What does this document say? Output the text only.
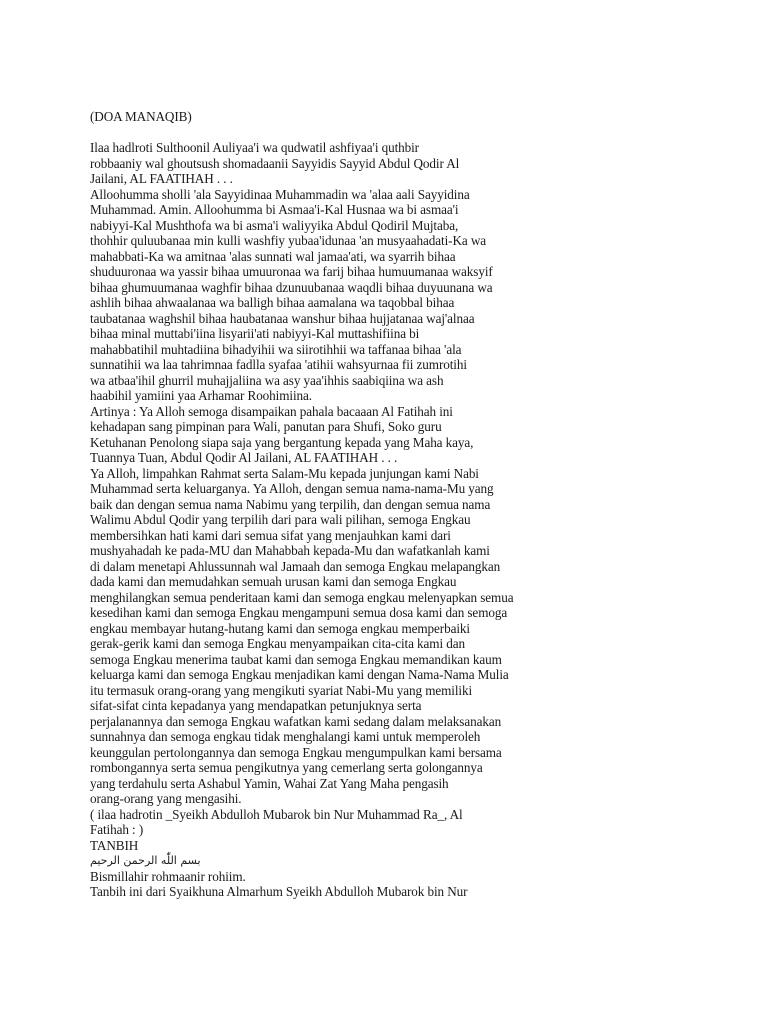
(DOA MANAQIB)
Ilaa hadlroti Sulthoonil Auliyaa'i wa qudwatil ashfiyaa'i quthbir
robbaaniy wal ghoutsush shomadaanii Sayyidis Sayyid Abdul Qodir Al
Jailani, AL FAATIHAH . . .
Alloohumma sholli 'ala Sayyidinaa Muhammadin wa 'alaa aali Sayyidina
Muhammad. Amin. Alloohumma bi Asmaa'i-Kal Husnaa wa bi asmaa'i
nabiyyi-Kal Mushthofa wa bi asma'i waliyyika Abdul Qodiril Mujtaba,
thohhir quluubanaa min kulli washfiy yubaa'idunaa 'an musyaahadati-Ka wa
mahabbati-Ka wa amitnaa 'alas sunnati wal jamaa'ati, wa syarrih bihaa
shuduuronaa wa yassir bihaa umuuronaa wa farij bihaa humuumanaa waksyif
bihaa ghumuumanaa waghfir bihaa dzunuubanaa waqdli bihaa duyuunana wa
ashlih bihaa ahwaalanaa wa balligh bihaa aamalana wa taqobbal bihaa
taubatanaa waghshil bihaa haubatanaa wanshur bihaa hujjatanaa waj'alnaa
bihaa minal muttabi'iina lisyarii'ati nabiyyi-Kal muttashifiina bi
mahabbatihil muhtadiina bihadyihii wa siirotihhii wa taffanaa bihaa 'ala
sunnatihii wa laa tahrimnaa fadlla syafaa 'atihii wahsyurnaa fii zumrotihi
wa atbaa'ihil ghurril muhajjaliina wa asy yaa'ihhis saabiqiina wa ash
haabihil yamiini yaa Arhamar Roohimiina.
Artinya : Ya Alloh semoga disampaikan pahala bacaaan Al Fatihah ini
kehadapan sang pimpinan para Wali, panutan para Shufi, Soko guru
Ketuhanan Penolong siapa saja yang bergantung kepada yang Maha kaya,
Tuannya Tuan, Abdul Qodir Al Jailani, AL FAATIHAH . . .
Ya Alloh, limpahkan Rahmat serta Salam-Mu kepada junjungan kami Nabi
Muhammad serta keluarganya. Ya Alloh, dengan semua nama-nama-Mu yang
baik dan dengan semua nama Nabimu yang terpilih, dan dengan semua nama
Walimu Abdul Qodir yang terpilih dari para wali pilihan, semoga Engkau
membersihkan hati kami dari semua sifat yang menjauhkan kami dari
mushyahadah ke pada-MU dan Mahabbah kepada-Mu dan wafatkanlah kami
di dalam menetapi Ahlussunnah wal Jamaah dan semoga Engkau melapangkan
dada kami dan memudahkan semuah urusan kami dan semoga Engkau
menghilangkan semua penderitaan kami dan semoga engkau melenyapkan semua
kesedihan kami dan semoga Engkau mengampuni semua dosa kami dan semoga
engkau membayar hutang-hutang kami dan semoga engkau memperbaiki
gerak-gerik kami dan semoga Engkau menyampaikan cita-cita kami dan
semoga Engkau menerima taubat kami dan semoga Engkau memandikan kaum
keluarga kami dan semoga Engkau menjadikan kami dengan Nama-Nama Mulia
itu termasuk orang-orang yang mengikuti syariat Nabi-Mu yang memiliki
sifat-sifat cinta kepadanya yang mendapatkan petunjuknya serta
perjalanannya dan semoga Engkau wafatkan kami sedang dalam melaksanakan
sunnahnya dan semoga engkau tidak menghalangi kami untuk memperoleh
keunggulan pertolongannya dan semoga Engkau mengumpulkan kami bersama
rombongannya serta semua pengikutnya yang cemerlang serta golongannya
yang terdahulu serta Ashabul Yamin, Wahai Zat Yang Maha pengasih
orang-orang yang mengasihi.
( ilaa hadrotin _Syeikh Abdulloh Mubarok bin Nur Muhammad Ra_, Al
Fatihah : )
TANBIH
بسم اللّٰه الرحمن الرحيم
Bismillahir rohmaanir rohiim.
Tanbih ini dari Syaikhuna Almarhum Syeikh Abdulloh Mubarok bin Nur
